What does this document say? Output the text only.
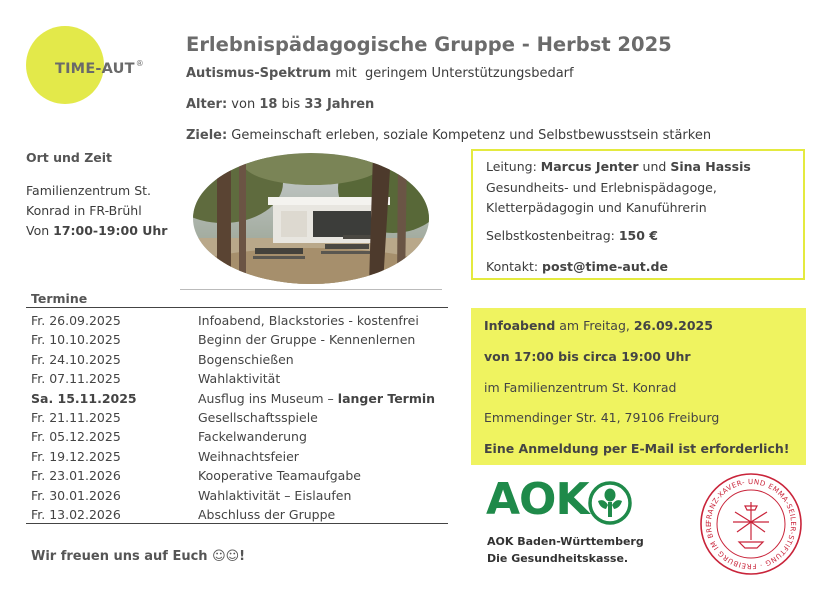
TIME-AUT®
Erlebnispädagogische Gruppe - Herbst 2025
Autismus-Spektrum mit  geringem Unterstützungsbedarf
Alter: von 18 bis 33 Jahren
Ziele: Gemeinschaft erleben, soziale Kompetenz und Selbstbewusstsein stärken
Ort und Zeit
Familienzentrum St.
Konrad in FR-Brühl
Von 17:00-19:00 Uhr
Leitung: Marcus Jenter und Sina Hassis
Gesundheits- und Erlebnispädagoge,
Kletterpädagogin und Kanuführerin
Selbstkostenbeitrag: 150 €
Kontakt: post@time-aut.de
Termine
Fr. 26.09.2025	Infoabend, Blackstories - kostenfrei
Fr. 10.10.2025	Beginn der Gruppe - Kennenlernen
Fr. 24.10.2025	Bogenschießen
Fr. 07.11.2025	Wahlaktivität
Sa. 15.11.2025	Ausflug ins Museum – langer Termin
Fr. 21.11.2025	Gesellschaftsspiele
Fr. 05.12.2025	Fackelwanderung
Fr. 19.12.2025	Weihnachtsfeier
Fr. 23.01.2026	Kooperative Teamaufgabe
Fr. 30.01.2026	Wahlaktivität – Eislaufen
Fr. 13.02.2026	Abschluss der Gruppe
Infoabend am Freitag, 26.09.2025
von 17:00 bis circa 19:00 Uhr
im Familienzentrum St. Konrad
Emmendinger Str. 41, 79106 Freiburg
Eine Anmeldung per E-Mail ist erforderlich!
Wir freuen uns auf Euch ☺☺!
AOK
AOK Baden-Württemberg
Die Gesundheitskasse.
FRANZ-XAVER- UND EMMA-SEILER-STIFTUNG · FREIBURG IM BRE
